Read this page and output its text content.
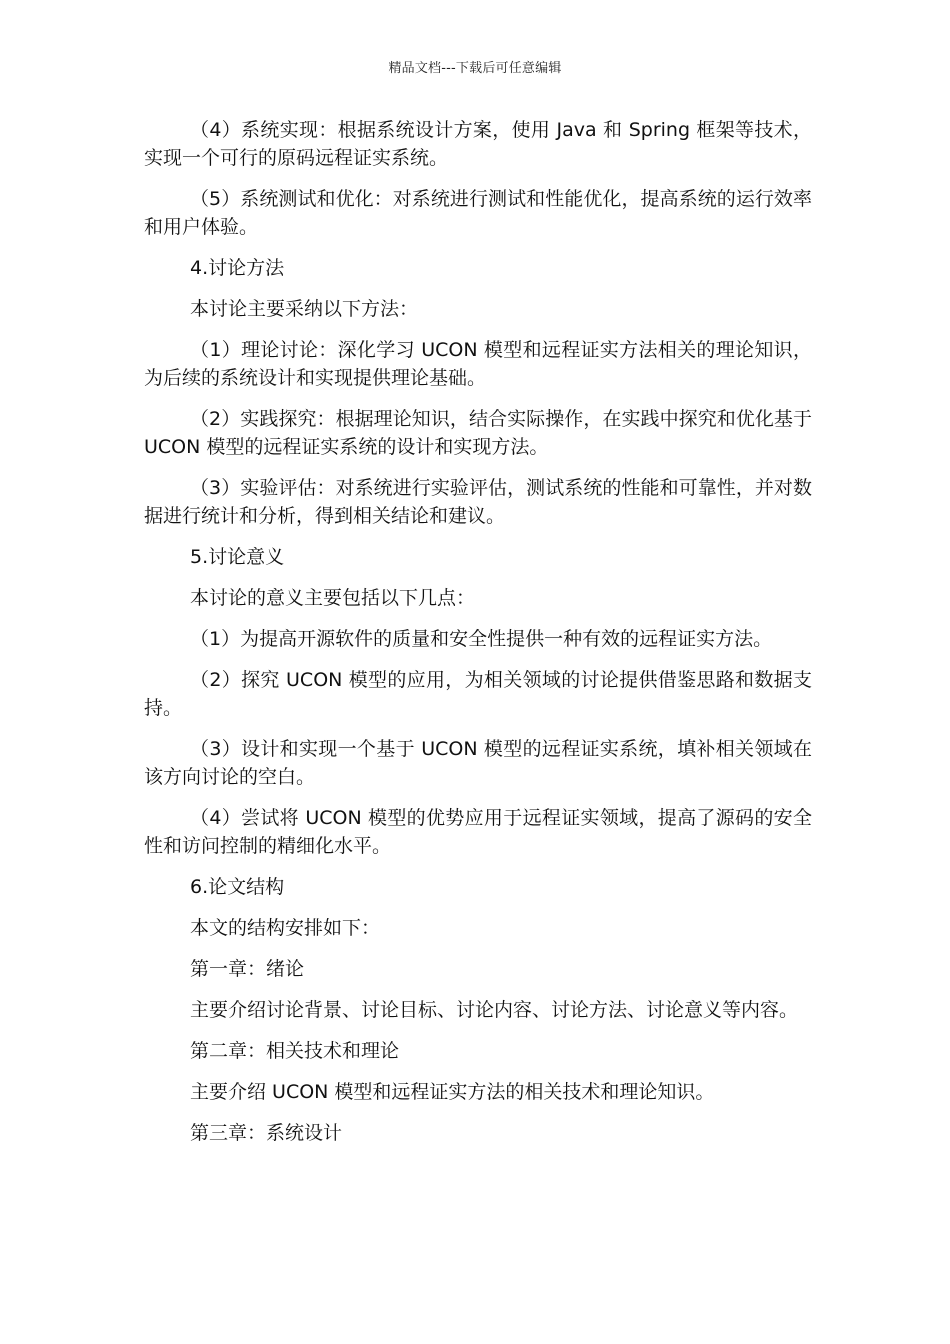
精品文档---下载后可任意编辑

（4）系统实现：根据系统设计方案，使用 Java 和 Spring 框架等技术，实现一个可行的原码远程证实系统。

（5）系统测试和优化：对系统进行测试和性能优化，提高系统的运行效率和用户体验。

4.讨论方法

本讨论主要采纳以下方法：

（1）理论讨论：深化学习 UCON 模型和远程证实方法相关的理论知识，为后续的系统设计和实现提供理论基础。

（2）实践探究：根据理论知识，结合实际操作，在实践中探究和优化基于 UCON 模型的远程证实系统的设计和实现方法。

（3）实验评估：对系统进行实验评估，测试系统的性能和可靠性，并对数据进行统计和分析，得到相关结论和建议。

5.讨论意义

本讨论的意义主要包括以下几点：

（1）为提高开源软件的质量和安全性提供一种有效的远程证实方法。

（2）探究 UCON 模型的应用，为相关领域的讨论提供借鉴思路和数据支持。

（3）设计和实现一个基于 UCON 模型的远程证实系统，填补相关领域在该方向讨论的空白。

（4）尝试将 UCON 模型的优势应用于远程证实领域，提高了源码的安全性和访问控制的精细化水平。

6.论文结构

本文的结构安排如下：

第一章：绪论

主要介绍讨论背景、讨论目标、讨论内容、讨论方法、讨论意义等内容。

第二章：相关技术和理论

主要介绍 UCON 模型和远程证实方法的相关技术和理论知识。

第三章：系统设计
